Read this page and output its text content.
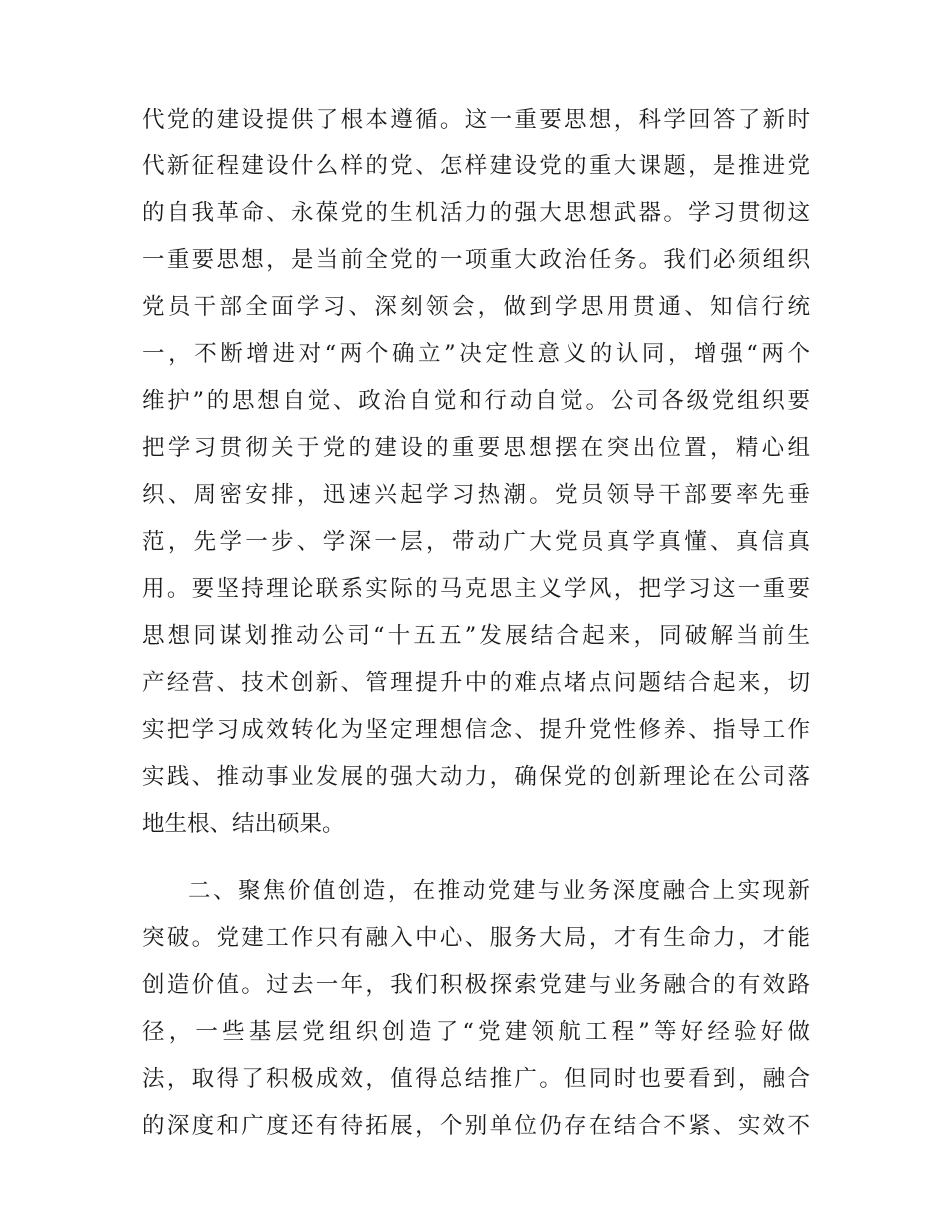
代党的建设提供了根本遵循。这一重要思想，科学回答了新时
代新征程建设什么样的党、怎样建设党的重大课题，是推进党
的自我革命、永葆党的生机活力的强大思想武器。学习贯彻这
一重要思想，是当前全党的一项重大政治任务。我们必须组织
党员干部全面学习、深刻领会，做到学思用贯通、知信行统
一，不断增进对“两个确立”决定性意义的认同，增强“两个
维护”的思想自觉、政治自觉和行动自觉。公司各级党组织要
把学习贯彻关于党的建设的重要思想摆在突出位置，精心组
织、周密安排，迅速兴起学习热潮。党员领导干部要率先垂
范，先学一步、学深一层，带动广大党员真学真懂、真信真
用。要坚持理论联系实际的马克思主义学风，把学习这一重要
思想同谋划推动公司“十五五”发展结合起来，同破解当前生
产经营、技术创新、管理提升中的难点堵点问题结合起来，切
实把学习成效转化为坚定理想信念、提升党性修养、指导工作
实践、推动事业发展的强大动力，确保党的创新理论在公司落
地生根、结出硕果。
二、聚焦价值创造，在推动党建与业务深度融合上实现新
突破。党建工作只有融入中心、服务大局，才有生命力，才能
创造价值。过去一年，我们积极探索党建与业务融合的有效路
径，一些基层党组织创造了“党建领航工程”等好经验好做
法，取得了积极成效，值得总结推广。但同时也要看到，融合
的深度和广度还有待拓展，个别单位仍存在结合不紧、实效不
